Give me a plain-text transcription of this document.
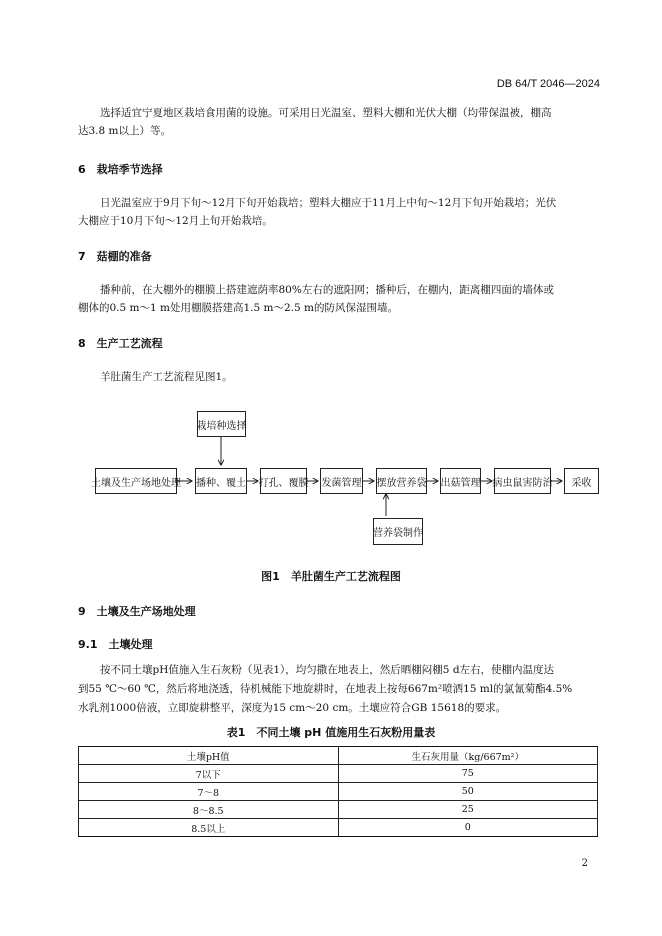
DB 64/T 2046—2024
选择适宜宁夏地区栽培食用菌的设施。可采用日光温室、塑料大棚和光伏大棚（均带保温被，棚高
达3.8 m以上）等。
6　栽培季节选择
日光温室应于9月下旬～12月下旬开始栽培；塑料大棚应于11月上中旬～12月下旬开始栽培；光伏
大棚应于10月下旬～12月上旬开始栽培。
7　菇棚的准备
播种前，在大棚外的棚膜上搭建遮荫率80%左右的遮阳网；播种后，在棚内，距离棚四面的墙体或
棚体的0.5 m～1 m处用棚膜搭建高1.5 m～2.5 m的防风保湿围墙。
8　生产工艺流程
羊肚菌生产工艺流程见图1。
栽培种选择
土壤及生产场地处理 播种、覆土 打孔、覆膜 发菌管理 摆放营养袋 出菇管理 病虫鼠害防治	采收
营养袋制作
图1　羊肚菌生产工艺流程图
9　土壤及生产场地处理
9.1　土壤处理
按不同土壤pH值施入生石灰粉（见表1），均匀撒在地表上，然后晒棚闷棚5 d左右，使棚内温度达
到55 ℃～60 ℃，然后将地浇透，待机械能下地旋耕时，在地表上按每667m²喷洒15 ml的氯氰菊酯4.5%
水乳剂1000倍液，立即旋耕整平，深度为15 cm～20 cm。土壤应符合GB 15618的要求。
表1　不同土壤 pH 值施用生石灰粉用量表
土壤pH值	生石灰用量（kg/667m²）
7以下	75
7～8	50
8～8.5	25
8.5以上	0
2
